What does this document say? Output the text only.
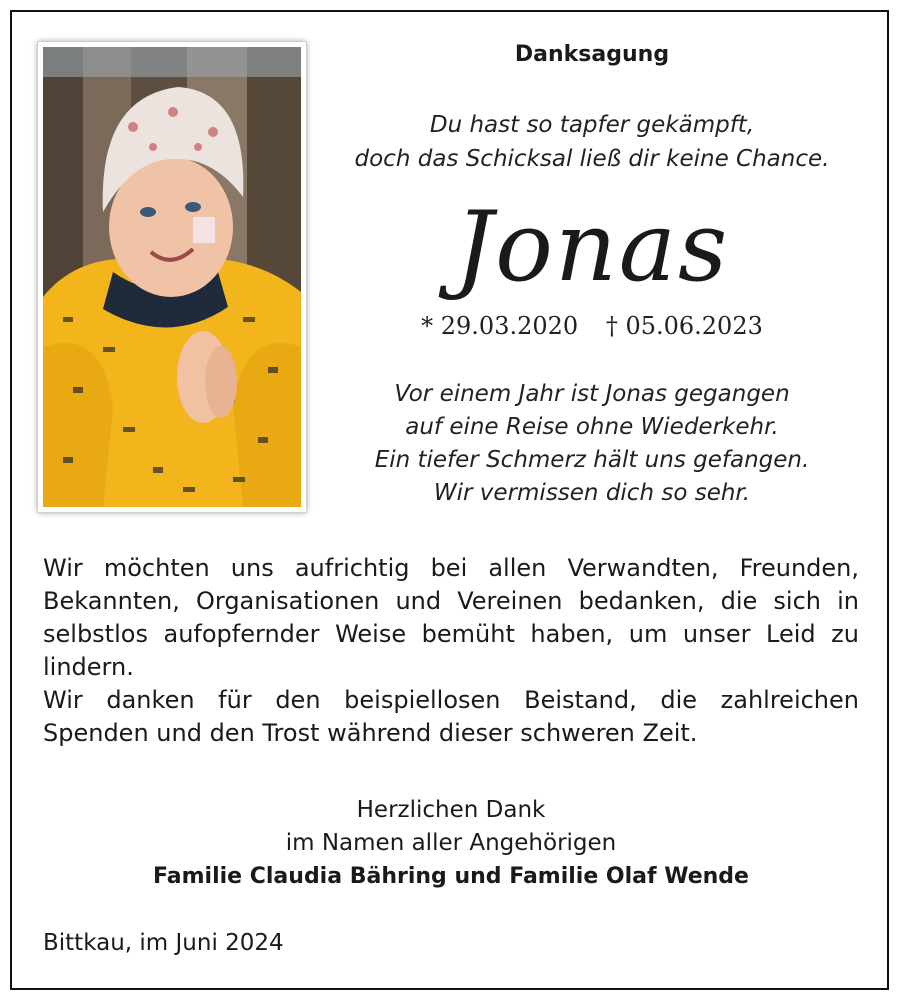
Danksagung
Du hast so tapfer gekämpft,
doch das Schicksal ließ dir keine Chance.
Jonas
* 29.03.2020 † 05.06.2023
Vor einem Jahr ist Jonas gegangen
auf eine Reise ohne Wiederkehr.
Ein tiefer Schmerz hält uns gefangen.
Wir vermissen dich so sehr.

Wir möchten uns aufrichtig bei allen Verwandten, Freunden, Bekannten, Organisationen und Vereinen bedanken, die sich in selbstlos aufopfernder Weise bemüht haben, um unser Leid zu lindern.

Wir danken für den beispiellosen Beistand, die zahlreichen Spenden und den Trost während dieser schweren Zeit.

Herzlichen Dank
im Namen aller Angehörigen
Familie Claudia Bähring und Familie Olaf Wende
Bittkau, im Juni 2024
